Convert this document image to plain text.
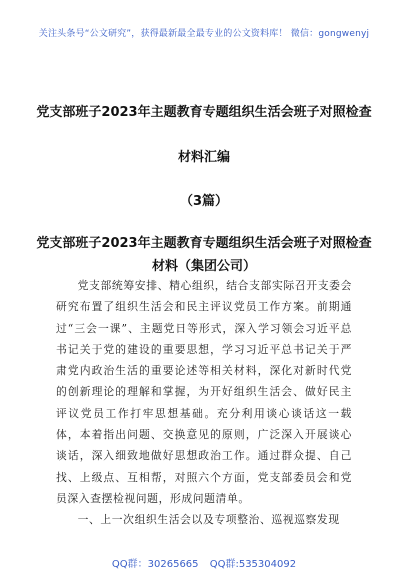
关注头条号“公文研究”，获得最新最全最专业的公文资料库！ 微信：gongwenyj
党支部班子2023年主题教育专题组织生活会班子对照检查
材料汇编
（3篇）
党支部班子2023年主题教育专题组织生活会班子对照检查
材料（集团公司）

党支部统筹安排、精心组织，结合支部实际召开支委会研究布置了组织生活会和民主评议党员工作方案。前期通过“三会一课”、主题党日等形式，深入学习领会习近平总书记关于党的建设的重要思想，学习习近平总书记关于严肃党内政治生活的重要论述等相关材料，深化对新时代党的创新理论的理解和掌握，为开好组织生活会、做好民主评议党员工作打牢思想基础。充分利用谈心谈话这一载体，本着指出问题、交换意见的原则，广泛深入开展谈心谈话，深入细致地做好思想政治工作。通过群众提、自己找、上级点、互相帮，对照六个方面，党支部委员会和党员深入查摆检视问题，形成问题清单。

一、上一次组织生活会以及专项整治、巡视巡察发现

QQ群：30265665 QQ群:535304092
